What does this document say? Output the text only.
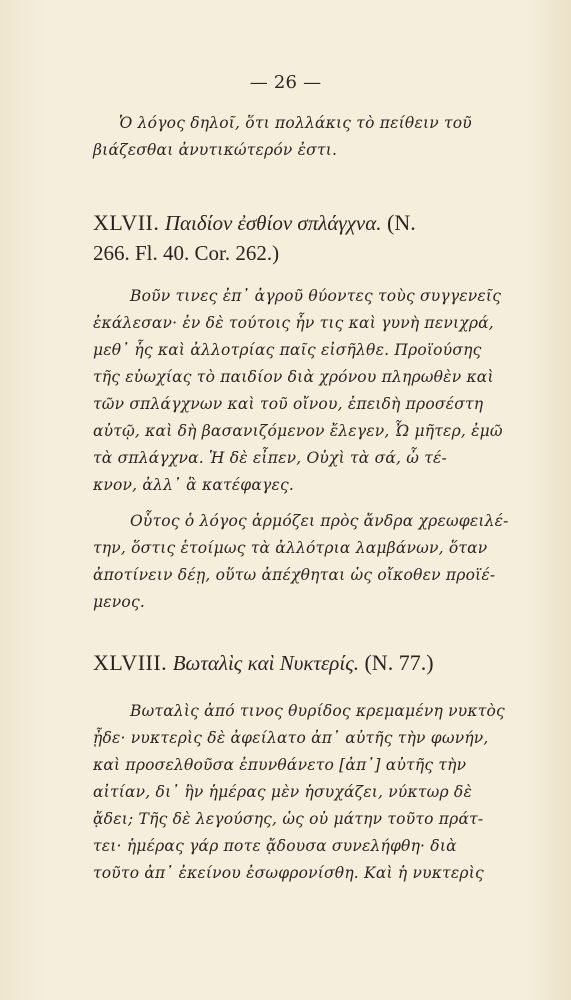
— 26 —
Ὁ λόγος δηλοῖ, ὅτι πολλάκις τὸ πείθειν τοῦ
βιάζεσθαι ἀνυτικώτερόν ἐστι.
XLVII. Παιδίον ἐσθίον σπλάγχνα. (N.
266. Fl. 40. Cor. 262.)
Βοῦν τινες ἐπ᾿ ἀγροῦ θύοντες τοὺς συγγενεῖς
ἐκάλεσαν· ἐν δὲ τούτοις ἦν τις καὶ γυνὴ πενιχρά,
μεθ᾿ ἧς καὶ ἀλλοτρίας παῖς εἰσῆλθε. Προϊούσης
τῆς εὐωχίας τὸ παιδίον διὰ χρόνου πληρωθὲν καὶ
τῶν σπλάγχνων καὶ τοῦ οἴνου, ἐπειδὴ προσέστη
αὐτῷ, καὶ δὴ βασανιζόμενον ἔλεγεν, Ὦ μῆτερ, ἐμῶ
τὰ σπλάγχνα. Ἡ δὲ εἶπεν, Οὐχὶ τὰ σά, ὦ τέ-
κνον, ἀλλ᾿ ἃ κατέφαγες.
Οὗτος ὁ λόγος ἁρμόζει πρὸς ἄνδρα χρεωφειλέ-
την, ὅστις ἑτοίμως τὰ ἀλλότρια λαμβάνων, ὅταν
ἀποτίνειν δέῃ, οὕτω ἀπέχθηται ὡς οἴκοθεν προϊέ-
μενος.
XLVIII. Βωταλὶς καὶ Νυκτερίς. (N. 77.)
Βωταλὶς ἀπό τινος θυρίδος κρεμαμένη νυκτὸς
ᾖδε· νυκτερὶς δὲ ἀφείλατο ἀπ᾿ αὐτῆς τὴν φωνήν,
καὶ προσελθοῦσα ἐπυνθάνετο [ἀπ᾿] αὐτῆς τὴν
αἰτίαν, δι᾿ ἣν ἡμέρας μὲν ἡσυχάζει, νύκτωρ δὲ
ᾄδει; Τῆς δὲ λεγούσης, ὡς οὐ μάτην τοῦτο πράτ-
τει· ἡμέρας γάρ ποτε ᾄδουσα συνελήφθη· διὰ
τοῦτο ἀπ᾿ ἐκείνου ἐσωφρονίσθη. Καὶ ἡ νυκτερὶς
